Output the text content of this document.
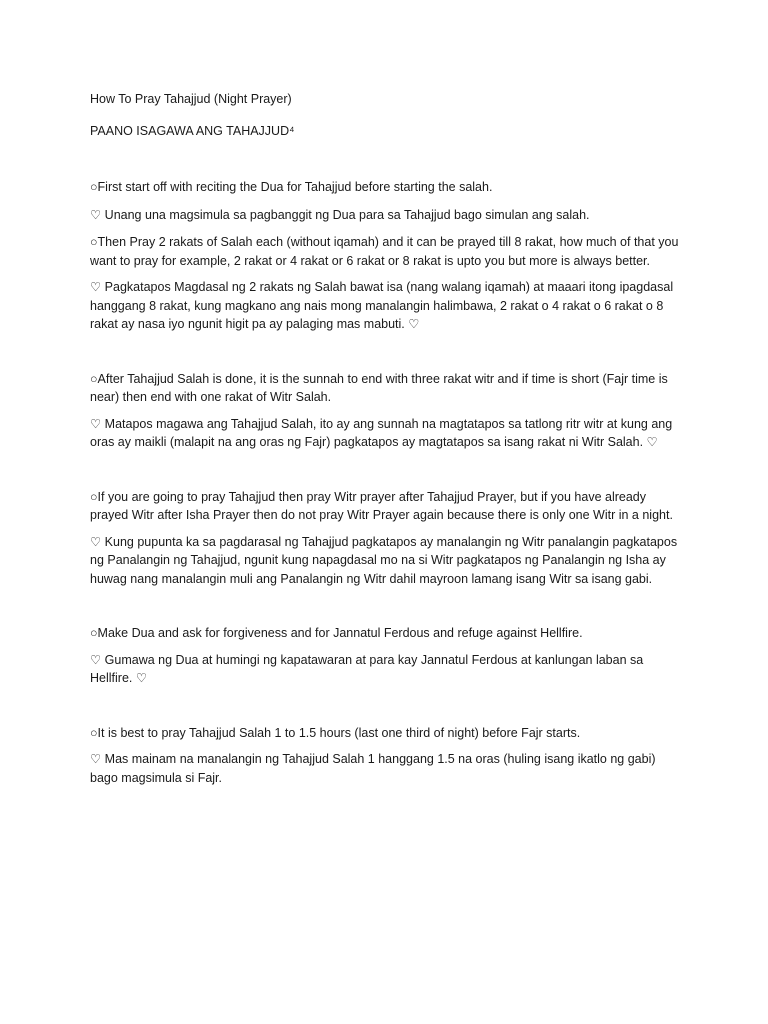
How To Pray Tahajjud (Night Prayer)

PAANO ISAGAWA ANG TAHAJJUD⁴

○First start off with reciting the Dua for Tahajjud before starting the salah.

♡ Unang una magsimula sa pagbanggit ng Dua para sa Tahajjud bago simulan ang salah.

○Then Pray 2 rakats of Salah each (without iqamah) and it can be prayed till 8 rakat, how much of that you want to pray for example, 2 rakat or 4 rakat or 6 rakat or 8 rakat is upto you but more is always better.

♡ Pagkatapos Magdasal ng 2 rakats ng Salah bawat isa (nang walang iqamah) at maaari itong ipagdasal hanggang 8 rakat, kung magkano ang nais mong manalangin halimbawa, 2 rakat o 4 rakat o 6 rakat o 8 rakat ay nasa iyo ngunit higit pa ay palaging mas mabuti. ♡

○After Tahajjud Salah is done, it is the sunnah to end with three rakat witr and if time is short (Fajr time is near) then end with one rakat of Witr Salah.

♡ Matapos magawa ang Tahajjud Salah, ito ay ang sunnah na magtatapos sa tatlong ritr witr at kung ang oras ay maikli (malapit na ang oras ng Fajr) pagkatapos ay magtatapos sa isang rakat ni Witr Salah. ♡

○If you are going to pray Tahajjud then pray Witr prayer after Tahajjud Prayer, but if you have already prayed Witr after Isha Prayer then do not pray Witr Prayer again because there is only one Witr in a night.

♡ Kung pupunta ka sa pagdarasal ng Tahajjud pagkatapos ay manalangin ng Witr panalangin pagkatapos ng Panalangin ng Tahajjud, ngunit kung napagdasal mo na si Witr pagkatapos ng Panalangin ng Isha ay huwag nang manalangin muli ang Panalangin ng Witr dahil mayroon lamang isang Witr sa isang gabi.

○Make Dua and ask for forgiveness and for Jannatul Ferdous and refuge against Hellfire.

♡ Gumawa ng Dua at humingi ng kapatawaran at para kay Jannatul Ferdous at kanlungan laban sa Hellfire. ♡

○It is best to pray Tahajjud Salah 1 to 1.5 hours (last one third of night) before Fajr starts.

♡ Mas mainam na manalangin ng Tahajjud Salah 1 hanggang 1.5 na oras (huling isang ikatlo ng gabi) bago magsimula si Fajr.
